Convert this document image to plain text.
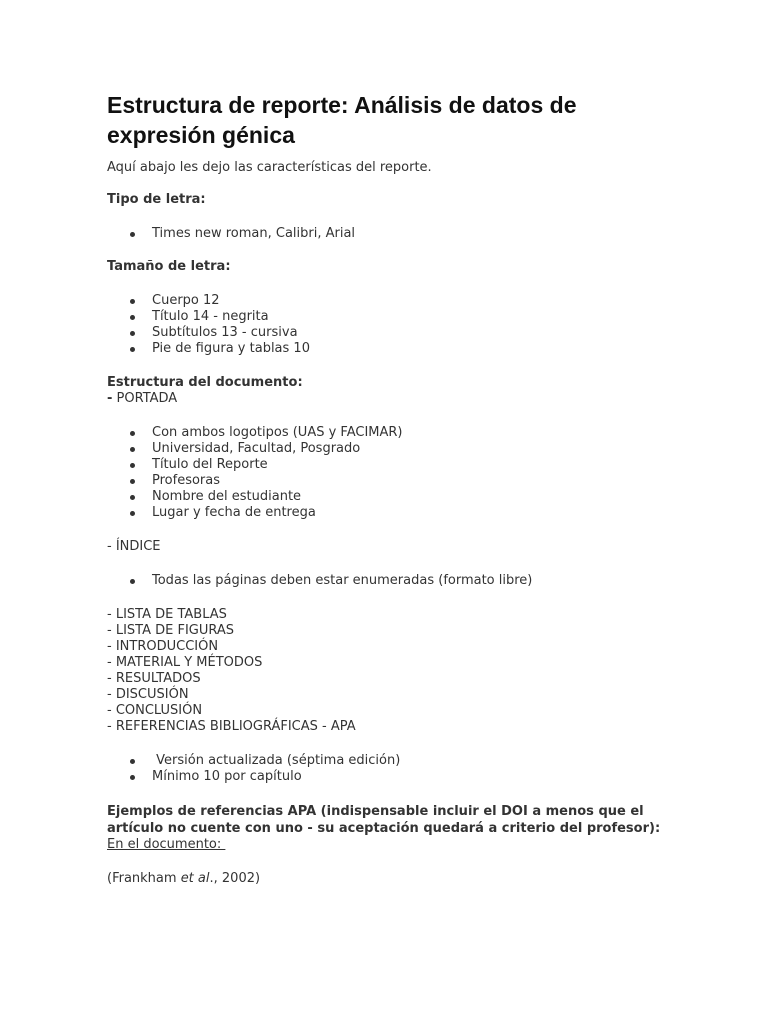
Estructura de reporte: Análisis de datos de expresión génica

Aquí abajo les dejo las características del reporte.

Tipo de letra:

Times new roman, Calibri, Arial

Tamaño de letra:

Cuerpo 12
Título 14 - negrita
Subtítulos 13 - cursiva
Pie de figura y tablas 10

Estructura del documento:

- PORTADA

Con ambos logotipos (UAS y FACIMAR)
Universidad, Facultad, Posgrado
Título del Reporte
Profesoras
Nombre del estudiante
Lugar y fecha de entrega

- ÍNDICE

Todas las páginas deben estar enumeradas (formato libre)

- LISTA DE TABLAS

- LISTA DE FIGURAS

- INTRODUCCIÓN

- MATERIAL Y MÉTODOS

- RESULTADOS

- DISCUSIÓN

- CONCLUSIÓN

- REFERENCIAS BIBLIOGRÁFICAS - APA

Versión actualizada (séptima edición)
Mínimo 10 por capítulo

Ejemplos de referencias APA (indispensable incluir el DOI a menos que el artículo no cuente con uno - su aceptación quedará a criterio del profesor):

En el documento:

(Frankham et al., 2002)
